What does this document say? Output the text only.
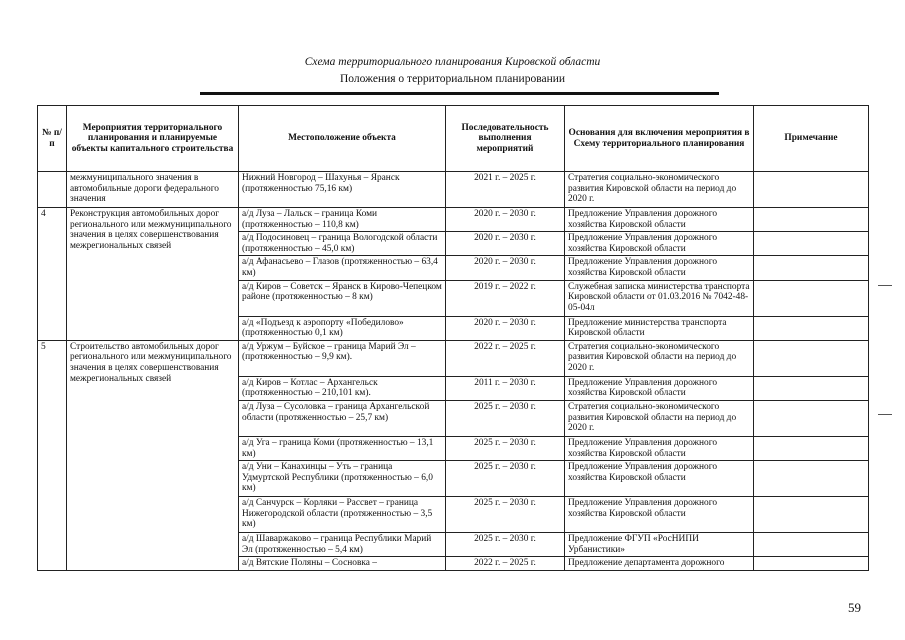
Схема территориального планирования Кировской области
Положения о территориальном планировании
№ п/п	Мероприятия территориального планирования и планируемые объекты капитального строительства	Местоположение объекта	Последовательность выполнения мероприятий	Основания для включения мероприятия в Схему территориального планирования	Примечание
	межмуниципального значения в автомобильные дороги федерального значения	Нижний Новгород – Шахунья – Яранск (протяженностью 75,16 км)	2021 г. – 2025 г.	Стратегия социально-экономического развития Кировской области на период до 2020 г.	
4	Реконструкция автомобильных дорог регионального или межмуниципального значения в целях совершенствования межрегиональных связей	а/д Луза – Лальск – граница Коми (протяженностью – 110,8 км)	2020 г. – 2030 г.	Предложение Управления дорожного хозяйства Кировской области	
		а/д Подосиновец – граница Вологодской области (протяженностью – 45,0 км)	2020 г. – 2030 г.	Предложение Управления дорожного хозяйства Кировской области	
		а/д Афанасьево – Глазов (протяженностью – 63,4 км)	2020 г. – 2030 г.	Предложение Управления дорожного хозяйства Кировской области	
		а/д Киров – Советск – Яранск в Кирово-Чепецком районе (протяженностью – 8 км)	2019 г. – 2022 г.	Служебная записка министерства транспорта Кировской области от 01.03.2016 № 7042-48-05-04л	
		а/д «Подъезд к аэропорту «Победилово» (протяженностью 0,1 км)	2020 г. – 2030 г.	Предложение министерства транспорта Кировской области	
5	Строительство автомобильных дорог регионального или межмуниципального значения в целях совершенствования межрегиональных связей	а/д Уржум – Буйское – граница Марий Эл – (протяженностью – 9,9 км).	2022 г. – 2025 г.	Стратегия социально-экономического развития Кировской области на период до 2020 г.	
		а/д Киров – Котлас – Архангельск (протяженностью – 210,101 км).	2011 г. – 2030 г.	Предложение Управления дорожного хозяйства Кировской области	
		а/д Луза – Сусоловка – граница Архангельской области (протяженностью – 25,7 км)	2025 г. – 2030 г.	Стратегия социально-экономического развития Кировской области на период до 2020 г.	
		а/д Уга – граница Коми (протяженностью – 13,1 км)	2025 г. – 2030 г.	Предложение Управления дорожного хозяйства Кировской области	
		а/д Уни – Канахинцы – Уть – граница Удмуртской Республики (протяженностью – 6,0 км)	2025 г. – 2030 г.	Предложение Управления дорожного хозяйства Кировской области	
		а/д Санчурск – Корляки – Рассвет – граница Нижегородской области (протяженностью – 3,5 км)	2025 г. – 2030 г.	Предложение Управления дорожного хозяйства Кировской области	
		а/д Шаваржаково – граница Республики Марий Эл (протяженностью – 5,4 км)	2025 г. – 2030 г.	Предложение ФГУП «РосНИПИ Урбанистики»	
		а/д Вятские Поляны – Сосновка –	2022 г. – 2025 г.	Предложение департамента дорожного	
59
